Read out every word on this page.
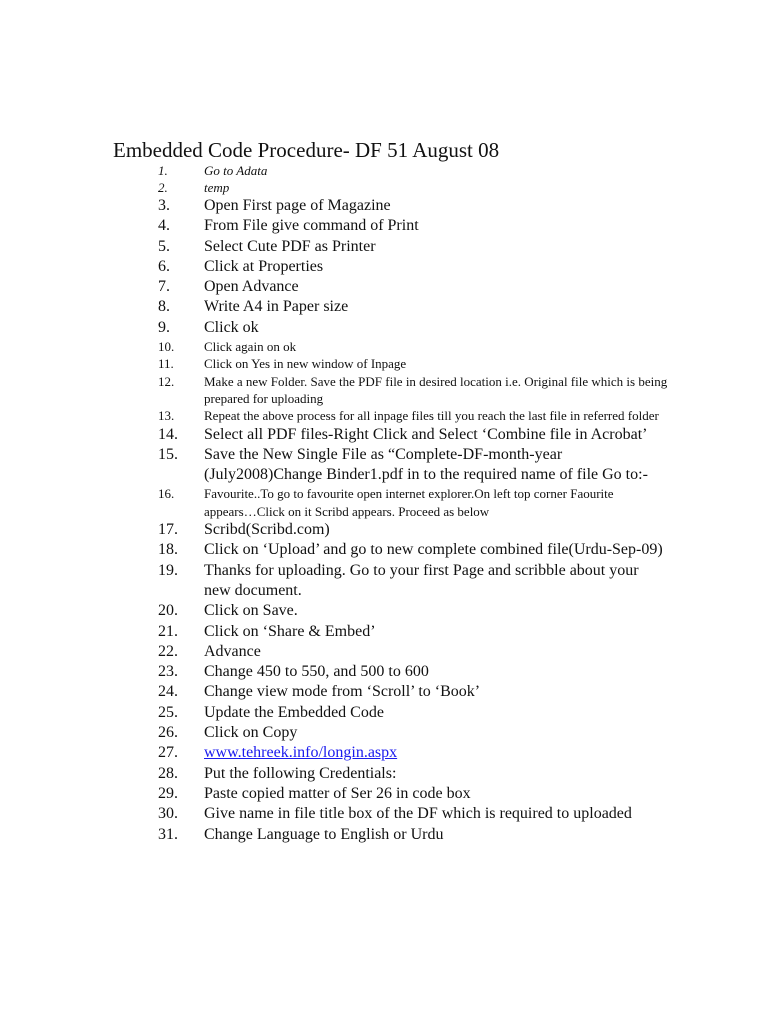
Embedded Code Procedure- DF 51 August 08
1.	Go to Adata
2.	temp
3. Open First page of Magazine
4. From File give command of Print
5. Select Cute PDF as Printer
6. Click at Properties
7. Open Advance
8. Write A4 in Paper size
9. Click ok
10. Click again on ok
11. Click on Yes in new window of Inpage
12. Make a new Folder. Save the PDF file in desired location i.e. Original file which is being prepared for uploading
13. Repeat the above process for all inpage files till you reach the last file in referred folder
14. Select all PDF files-Right Click and Select ‘Combine file in Acrobat’
15. Save the New Single File as “Complete-DF-month-year (July2008)Change Binder1.pdf in to the required name of file Go to:-
16. Favourite..To go to favourite open internet explorer.On left top corner Faourite appears…Click on it Scribd appears. Proceed as below
17. Scribd(Scribd.com)
18. Click on ‘Upload’ and go to new complete combined file(Urdu-Sep-09)
19. Thanks for uploading. Go to your first Page and scribble about your new document.
20. Click on Save.
21. Click on ‘Share & Embed’
22. Advance
23. Change 450 to 550, and 500 to 600
24. Change view mode from ‘Scroll’ to ‘Book’
25. Update the Embedded Code
26. Click on Copy
27. www.tehreek.info/longin.aspx
28. Put the following Credentials:
29. Paste copied matter of Ser 26 in code box
30. Give name in file title box of the DF which is required to uploaded
31. Change Language to English or Urdu
